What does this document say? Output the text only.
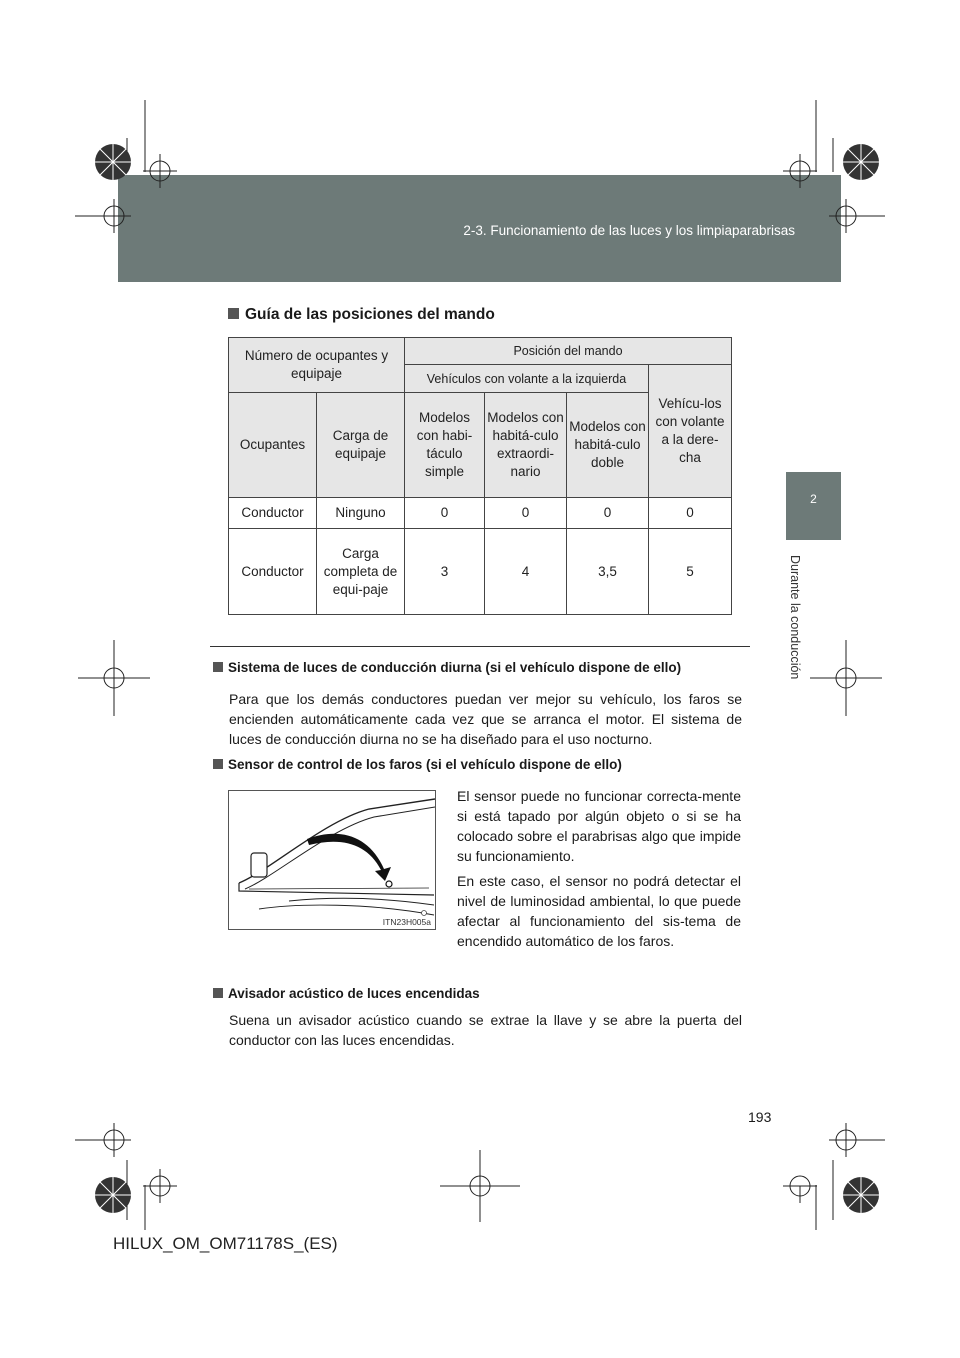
2-3. Funcionamiento de las luces y los limpiaparabrisas
HILUX_OM_OM71178S_(ES).book Page 193 Wednesday, May 16, 2012 3:09 PM
2
Durante la conducción
Guía de las posiciones del mando
Número de ocupantes y equipaje		Posición del mando			
		Vehículos con volante a la izquierda			Vehícu-los con volante a la dere-cha
Ocupantes	Carga de equipaje	Modelos con habi-táculo simple	Modelos con habitá-culo extraordi-nario	Modelos con habitá-culo doble	
Conductor	Ninguno	0	0	0	0
Conductor	Carga completa de equi-paje	3	4	3,5	5
Sistema de luces de conducción diurna (si el vehículo dispone de ello)
Para que los demás conductores puedan ver mejor su vehículo, los faros se encienden automáticamente cada vez que se arranca el motor. El sistema de luces de conducción diurna no se ha diseñado para el uso nocturno.
Sensor de control de los faros (si el vehículo dispone de ello)
El sensor puede no funcionar correcta-mente si está tapado por algún objeto o si se ha colocado sobre el parabrisas algo que impide su funcionamiento.
En este caso, el sensor no podrá detectar el nivel de luminosidad ambiental, lo que puede afectar al funcionamiento del sis-tema de encendido automático de los faros.
ITN23H005a
Avisador acústico de luces encendidas
Suena un avisador acústico cuando se extrae la llave y se abre la puerta del conductor con las luces encendidas.
193
HILUX_OM_OM71178S_(ES)
